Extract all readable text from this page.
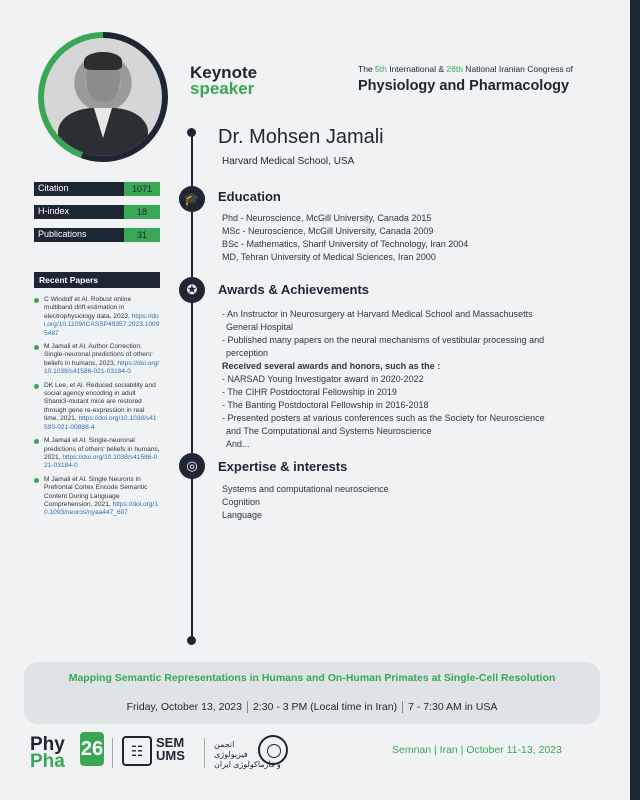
Keynote
speaker
The 5th International & 26th National Iranian Congress of
Physiology and Pharmacology
Dr. Mohsen Jamali
Harvard Medical School, USA
🎓	Education
Phd - Neuroscience, McGill University, Canada 2015
MSc - Neuroscience, McGill University, Canada 2009
BSc - Mathematics, Sharif University of Technology, Iran 2004
MD, Tehran University of Medical Sciences, Iran 2000
✪	Awards & Achievements
- An Instructor in Neurosurgery at Harvard Medical School and Massachusetts
General Hospital
- Published many papers on the neural mechanisms of vestibular processing and
perception
Received several awards and honors, such as the :
- NARSAD Young Investigator award in 2020-2022
- The CIHR Postdoctoral Fellowship in 2019
- The Banting Postdoctoral Fellowship in 2016-2018
- Presented posters at various conferences such as the Society for Neuroscience
and The Computational and Systems Neuroscience
And...
◎	Expertise & interests
Systems and computational neuroscience
Cognition
Language
Citation	1071
H-index	18
Publications	31
Recent Papers
C Windolf et Al. Robust online multiband drift estimation in electrophysiology data, 2023, https://doi.org/10.1109/ICASSP49357.2023.10095487
M Jamali et Al. Author Correction: Single-neuronal predictions of others' beliefs in humans, 2023, https://doi.org/10.1038/s41586-021-03184-0
DK Lee, et Al. Reduced sociability and social agency encoding in adult Shank3-mutant mice are restored through gene re-expression in real time, 2021, https://doi.org/10.1038/s41593-021-00888-4
M Jamali et Al. Single-neuronal predictions of others' beliefs in humans, 2021, https://doi.org/10.1038/s41586-021-03184-0
M Jamali et Al. Single Neurons in Prefrontal Cortex Encode Semantic Content During Language Comprehension, 2021, https://doi.org/10.1093/neuros/nyaa447_607
Mapping Semantic Representations in Humans and On-Human Primates at Single-Cell Resolution
Friday, October 13, 2023 2:30 - 3 PM (Local time in Iran) 7 - 7:30 AM in USA
Phy
Pha
26	☷
SEM
UMS
انجمن
فیزیولوژی
و فارماکولوژی ایران
Semnan | Iran | October 11-13, 2023
